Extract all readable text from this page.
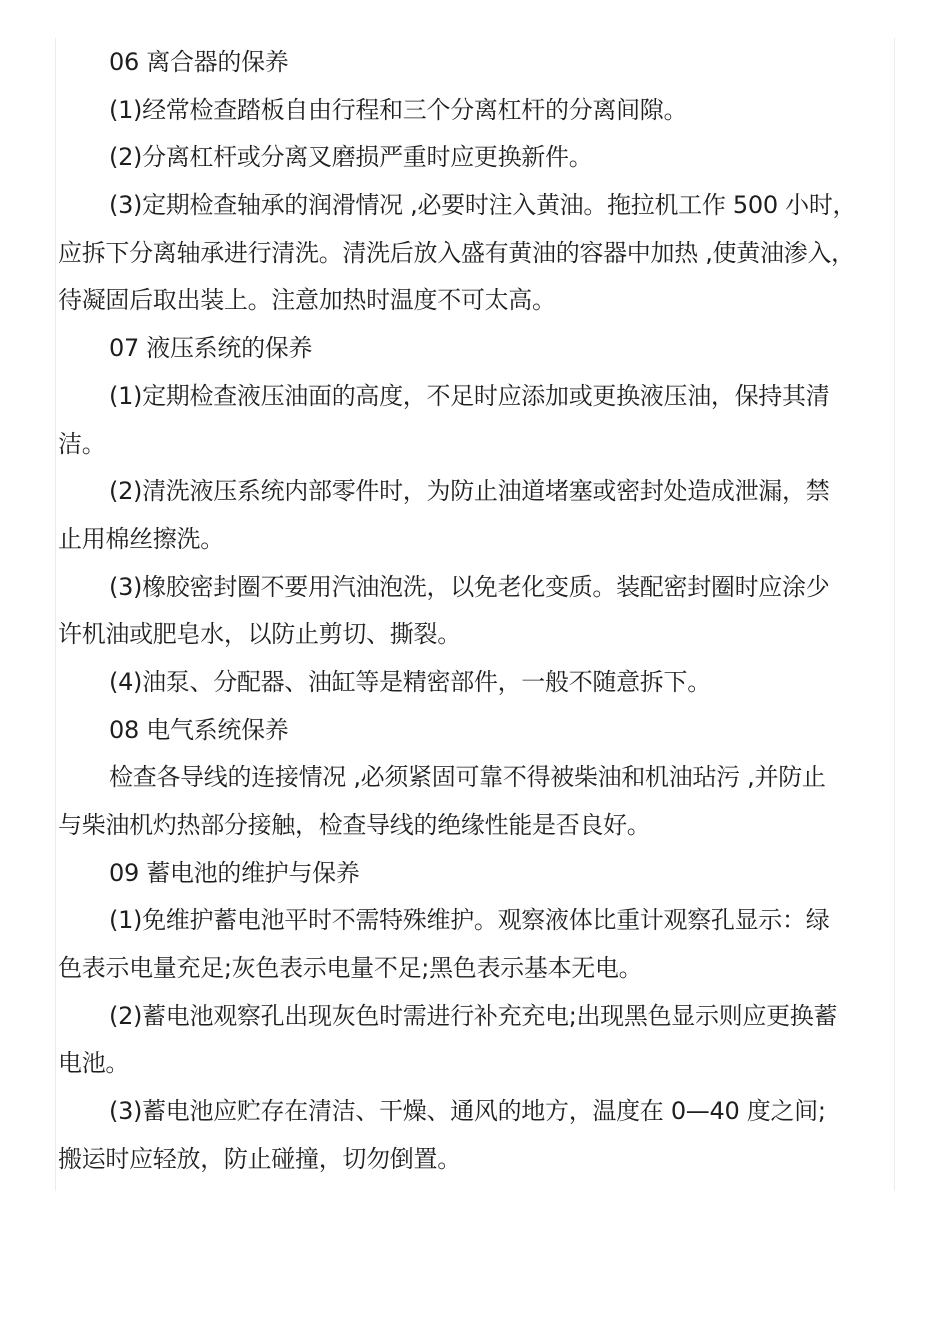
06 离合器的保养
(1)经常检查踏板自由行程和三个分离杠杆的分离间隙。
(2)分离杠杆或分离叉磨损严重时应更换新件。
(3)定期检查轴承的润滑情况 ,必要时注入黄油。拖拉机工作 500 小时，
应拆下分离轴承进行清洗。清洗后放入盛有黄油的容器中加热 ,使黄油渗入，
待凝固后取出装上。注意加热时温度不可太高。
07 液压系统的保养
(1)定期检查液压油面的高度，不足时应添加或更换液压油，保持其清
洁。
(2)清洗液压系统内部零件时，为防止油道堵塞或密封处造成泄漏，禁
止用棉丝擦洗。
(3)橡胶密封圈不要用汽油泡洗，以免老化变质。装配密封圈时应涂少
许机油或肥皂水，以防止剪切、撕裂。
(4)油泵、分配器、油缸等是精密部件，一般不随意拆下。
08 电气系统保养
检查各导线的连接情况 ,必须紧固可靠不得被柴油和机油玷污 ,并防止
与柴油机灼热部分接触，检查导线的绝缘性能是否良好。
09 蓄电池的维护与保养
(1)免维护蓄电池平时不需特殊维护。观察液体比重计观察孔显示：绿
色表示电量充足;灰色表示电量不足;黑色表示基本无电。
(2)蓄电池观察孔出现灰色时需进行补充充电;出现黑色显示则应更换蓄
电池。
(3)蓄电池应贮存在清洁、干燥、通风的地方，温度在 0—40 度之间;
搬运时应轻放，防止碰撞，切勿倒置。
